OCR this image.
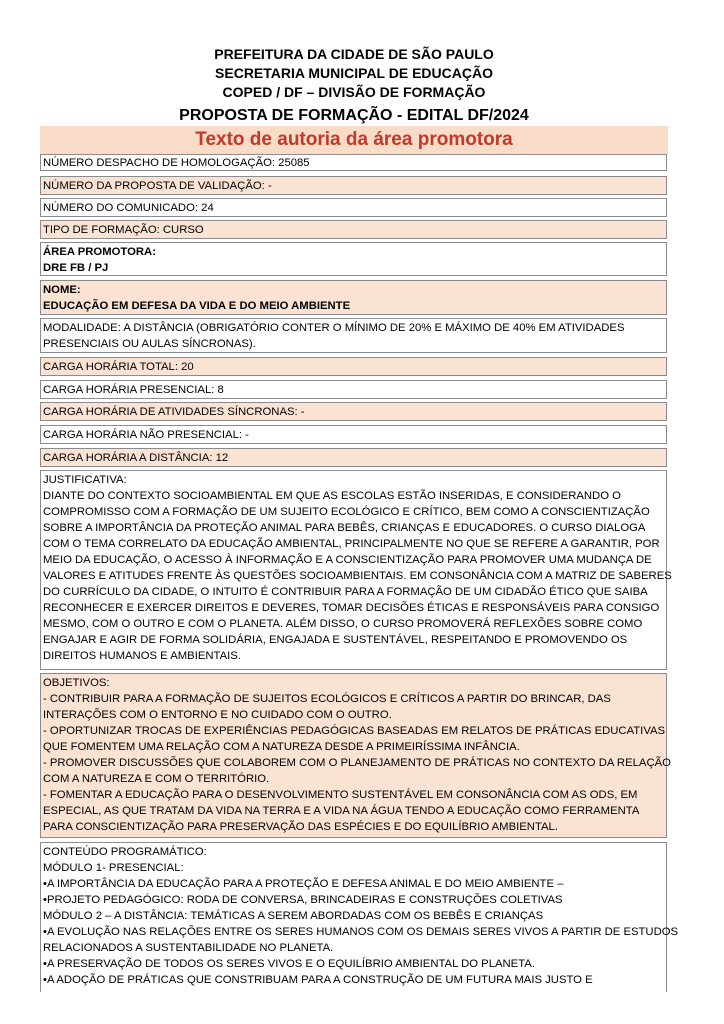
PREFEITURA DA CIDADE DE SÃO PAULO
SECRETARIA MUNICIPAL DE EDUCAÇÃO
COPED / DF – DIVISÃO DE FORMAÇÃO
PROPOSTA DE FORMAÇÃO - EDITAL DF/2024
Texto de autoria da área promotora
NÚMERO DESPACHO DE HOMOLOGAÇÃO: 25085
NÚMERO DA PROPOSTA DE VALIDAÇÃO: -
NÚMERO DO COMUNICADO: 24
TIPO DE FORMAÇÃO: CURSO
ÁREA PROMOTORA:
DRE FB / PJ
NOME:
EDUCAÇÃO EM DEFESA DA VIDA E DO MEIO AMBIENTE
MODALIDADE: A DISTÂNCIA (OBRIGATÓRIO CONTER O MÍNIMO DE 20% E MÁXIMO DE 40% EM ATIVIDADES
PRESENCIAIS OU AULAS SÍNCRONAS).
CARGA HORÁRIA TOTAL: 20
CARGA HORÁRIA PRESENCIAL: 8
CARGA HORÁRIA DE ATIVIDADES SÍNCRONAS: -
CARGA HORÁRIA NÃO PRESENCIAL: -
CARGA HORÁRIA A DISTÂNCIA: 12
JUSTIFICATIVA:
DIANTE DO CONTEXTO SOCIOAMBIENTAL EM QUE AS ESCOLAS ESTÃO INSERIDAS, E CONSIDERANDO O
COMPROMISSO COM A FORMAÇÃO DE UM SUJEITO ECOLÓGICO E CRÍTICO, BEM COMO A CONSCIENTIZAÇÃO
SOBRE A IMPORTÂNCIA DA PROTEÇÃO ANIMAL PARA BEBÊS, CRIANÇAS E EDUCADORES. O CURSO DIALOGA
COM O TEMA CORRELATO DA EDUCAÇÃO AMBIENTAL, PRINCIPALMENTE NO QUE SE REFERE A GARANTIR, POR
MEIO DA EDUCAÇÃO, O ACESSO À INFORMAÇÃO E A CONSCIENTIZAÇÃO PARA PROMOVER UMA MUDANÇA DE
VALORES E ATITUDES FRENTE ÀS QUESTÕES SOCIOAMBIENTAIS. EM CONSONÂNCIA COM A MATRIZ DE SABERES
DO CURRÍCULO DA CIDADE, O INTUITO É CONTRIBUIR PARA A FORMAÇÃO DE UM CIDADÃO ÉTICO QUE SAIBA
RECONHECER E EXERCER DIREITOS E DEVERES, TOMAR DECISÕES ÉTICAS E RESPONSÁVEIS PARA CONSIGO
MESMO, COM O OUTRO E COM O PLANETA. ALÉM DISSO, O CURSO PROMOVERÁ REFLEXÕES SOBRE COMO
ENGAJAR E AGIR DE FORMA SOLIDÁRIA, ENGAJADA E SUSTENTÁVEL, RESPEITANDO E PROMOVENDO OS
DIREITOS HUMANOS E AMBIENTAIS.
OBJETIVOS:
- CONTRIBUIR PARA A FORMAÇÃO DE SUJEITOS ECOLÓGICOS E CRÍTICOS A PARTIR DO BRINCAR, DAS
INTERAÇÕES COM O ENTORNO E NO CUIDADO COM O OUTRO.
- OPORTUNIZAR TROCAS DE EXPERIÊNCIAS PEDAGÓGICAS BASEADAS EM RELATOS DE PRÁTICAS EDUCATIVAS
QUE FOMENTEM UMA RELAÇÃO COM A NATUREZA DESDE A PRIMEIRÍSSIMA INFÂNCIA.
- PROMOVER DISCUSSÕES QUE COLABOREM COM O PLANEJAMENTO DE PRÁTICAS NO CONTEXTO DA RELAÇÃO
COM A NATUREZA E COM O TERRITÓRIO.
- FOMENTAR A EDUCAÇÃO PARA O DESENVOLVIMENTO SUSTENTÁVEL EM CONSONÂNCIA COM AS ODS, EM
ESPECIAL, AS QUE TRATAM DA VIDA NA TERRA E A VIDA NA ÁGUA TENDO A EDUCAÇÃO COMO FERRAMENTA
PARA CONSCIENTIZAÇÃO PARA PRESERVAÇÃO DAS ESPÉCIES E DO EQUILÍBRIO AMBIENTAL.
CONTEÚDO PROGRAMÁTICO:
MÓDULO 1- PRESENCIAL:
•A IMPORTÂNCIA DA EDUCAÇÃO PARA A PROTEÇÃO E DEFESA ANIMAL E DO MEIO AMBIENTE –
•PROJETO PEDAGÓGICO: RODA DE CONVERSA, BRINCADEIRAS E CONSTRUÇÕES COLETIVAS
MÓDULO 2 – A DISTÂNCIA: TEMÁTICAS A SEREM ABORDADAS COM OS BEBÊS E CRIANÇAS
•A EVOLUÇÃO NAS RELAÇÕES ENTRE OS SERES HUMANOS COM OS DEMAIS SERES VIVOS A PARTIR DE ESTUDOS
RELACIONADOS A SUSTENTABILIDADE NO PLANETA.
•A PRESERVAÇÃO DE TODOS OS SERES VIVOS E O EQUILÍBRIO AMBIENTAL DO PLANETA.
•A ADOÇÃO DE PRÁTICAS QUE CONSTRIBUAM PARA A CONSTRUÇÃO DE UM FUTURA MAIS JUSTO E
